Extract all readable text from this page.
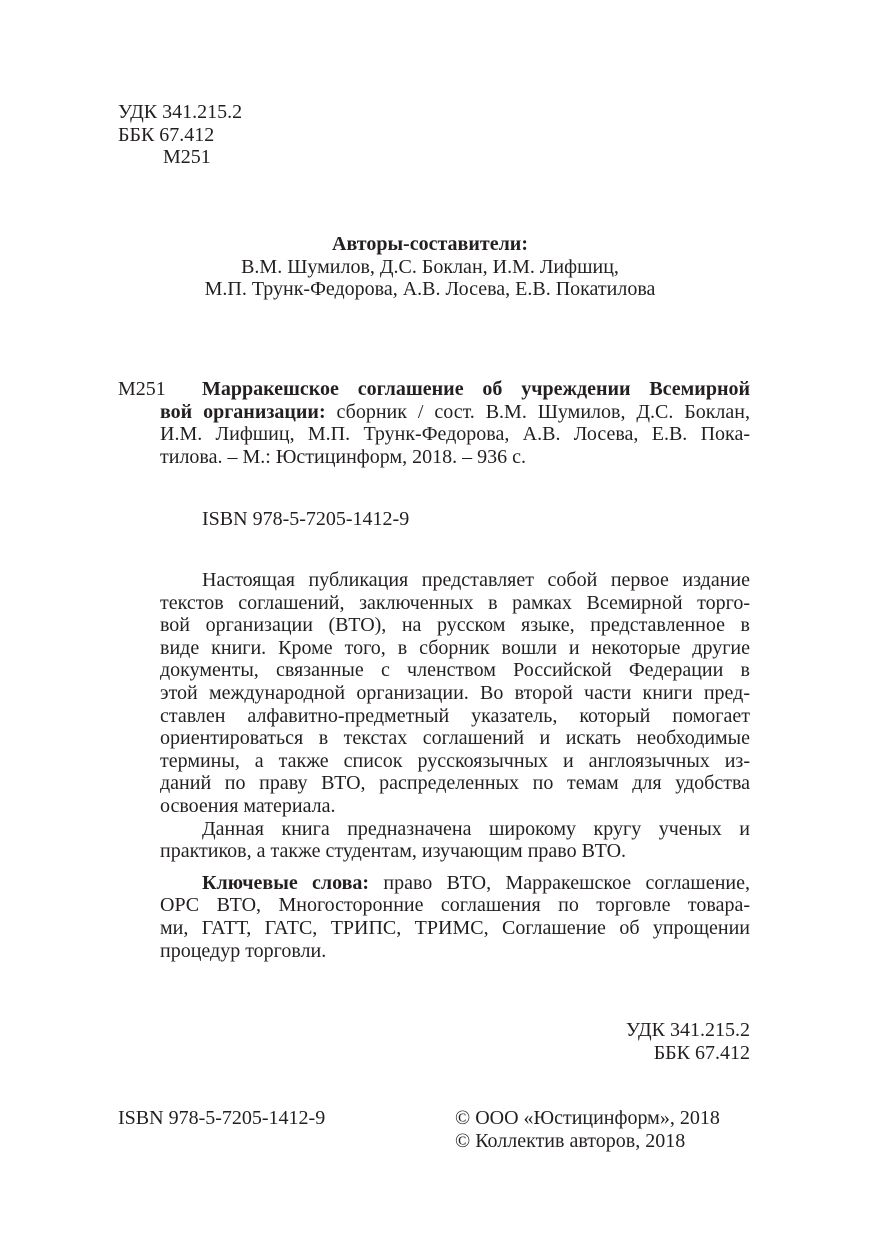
УДК 341.215.2
ББК 67.412
М251
Авторы-составители:
В.М. Шумилов, Д.С. Боклан, И.М. Лифшиц,
М.П. Трунк-Федорова, А.В. Лосева, Е.В. Покатилова
М251	Марракешское соглашение об учреждении Всемирной
вой организации: сборник / сост. В.М. Шумилов, Д.С. Боклан,
И.М. Лифшиц, М.П. Трунк-Федорова, А.В. Лосева, Е.В. Пока-
тилова. – М.: Юстицинформ, 2018. – 936 с.
ISBN 978-5-7205-1412-9
Настоящая публикация представляет собой первое издание
текстов соглашений, заключенных в рамках Всемирной торго-
вой организации (ВТО), на русском языке, представленное в
виде книги. Кроме того, в сборник вошли и некоторые другие
документы, связанные с членством Российской Федерации в
этой международной организации. Во второй части книги пред-
ставлен алфавитно-предметный указатель, который помогает
ориентироваться в текстах соглашений и искать необходимые
термины, а также список русскоязычных и англоязычных из-
даний по праву ВТО, распределенных по темам для удобства
освоения материала.
Данная книга предназначена широкому кругу ученых и
практиков, а также студентам, изучающим право ВТО.
Ключевые слова: право ВТО, Марракешское соглашение,
ОРС ВТО, Многосторонние соглашения по торговле товара-
ми, ГАТТ, ГАТС, ТРИПС, ТРИМС, Соглашение об упрощении
процедур торговли.
УДК 341.215.2
ББК 67.412
ISBN 978-5-7205-1412-9	© ООО «Юстицинформ», 2018
© Коллектив авторов, 2018
